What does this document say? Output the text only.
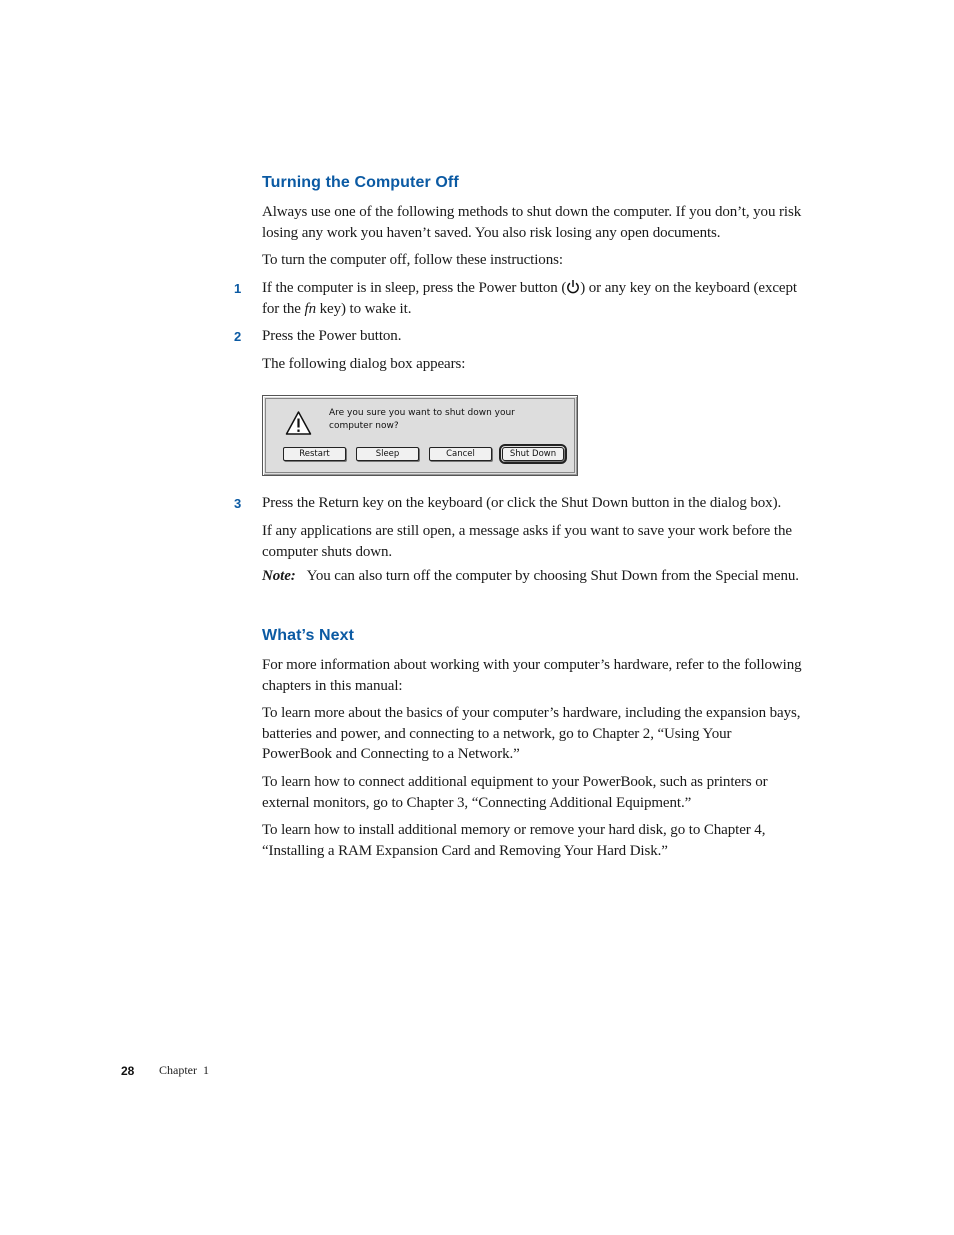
Turning the Computer Off

Always use one of the following methods to shut down the computer. If you don’t, you risk losing any work you haven’t saved. You also risk losing any open documents.

To turn the computer off, follow these instructions:

1 If the computer is in sleep, press the Power button ( ) or any key on the keyboard (except for the fn key) to wake it.

2 Press the Power button.

The following dialog box appears:

Are you sure you want to shut down your computer now?
Restart	Sleep	Cancel	Shut Down
3 Press the Return key on the keyboard (or click the Shut Down button in the dialog box).

If any applications are still open, a message asks if you want to save your work before the computer shuts down.

Note: You can also turn off the computer by choosing Shut Down from the Special menu.

What’s Next

For more information about working with your computer’s hardware, refer to the following chapters in this manual:

To learn more about the basics of your computer’s hardware, including the expansion bays, batteries and power, and connecting to a network, go to Chapter 2, “Using Your PowerBook and Connecting to a Network.”

To learn how to connect additional equipment to your PowerBook, such as printers or external monitors, go to Chapter 3, “Connecting Additional Equipment.”

To learn how to install additional memory or remove your hard disk, go to Chapter 4, “Installing a RAM Expansion Card and Removing Your Hard Disk.”

28 Chapter  1
